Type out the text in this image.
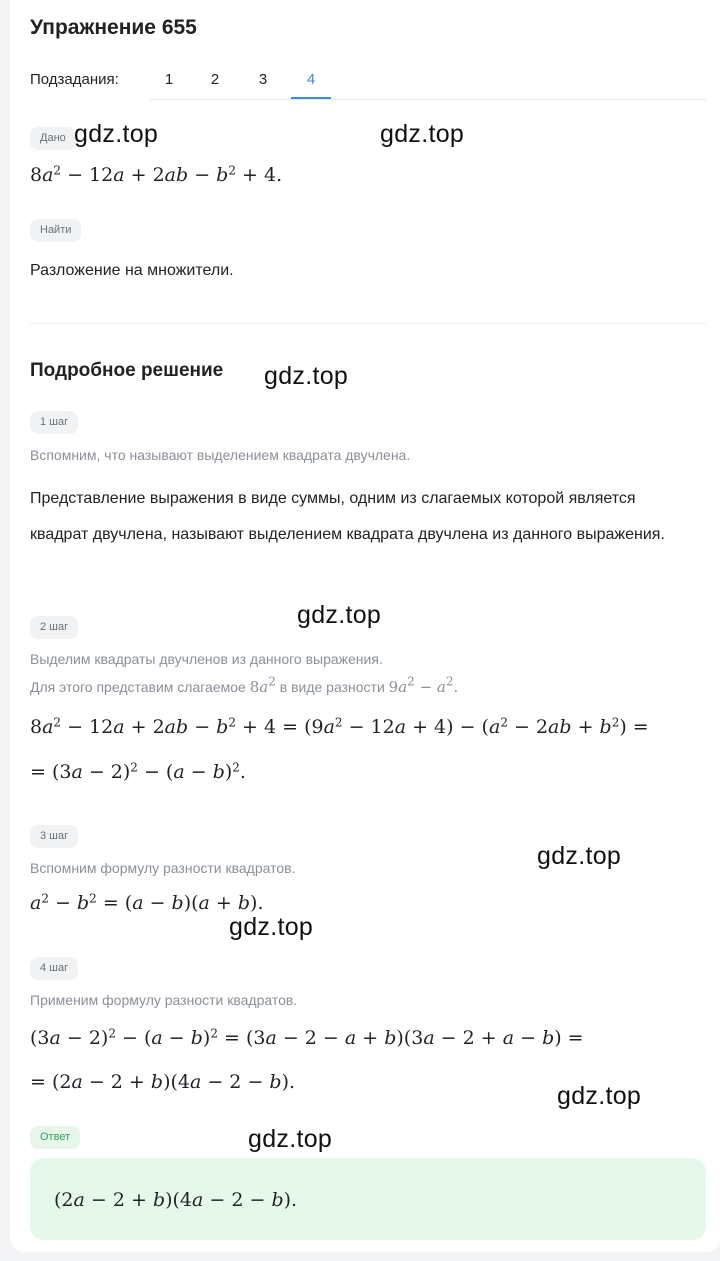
Упражнение 655
Подзадания:	1	2	3	4
Дано
$8a^2 - 12a + 2ab - b^2 + 4$.
Найти
Разложение на множители.
Подробное решение
1 шаг
Вспомним, что называют выделением квадрата двучлена.
Представление выражения в виде суммы, одним из слагаемых которой является квадрат двучлена, называют выделением квадрата двучлена из данного выражения.
2 шаг
Выделим квадраты двучленов из данного выражения.
Для этого представим слагаемое $8a^2$ в виде разности $9a^2 - a^2$.
$8a^2 - 12a + 2ab - b^2 + 4 = (9a^2 - 12a + 4) - (a^2 - 2ab + b^2)$ =
= $(3a - 2)^2 - (a - b)^2$.
3 шаг
Вспомним формулу разности квадратов.
$a^2 - b^2 = (a - b)(a + b)$.
4 шаг
Применим формулу разности квадратов.
$(3a - 2)^2 - (a - b)^2 = (3a - 2 - a + b)(3a - 2 + a - b)$ =
= (2a − 2 + b)(4a − 2 − b).
Ответ
(2a − 2 + b)(4a − 2 − b).
gdz.top	gdz.top
gdz.top
gdz.top
gdz.top
gdz.top
gdz.top
gdz.top
